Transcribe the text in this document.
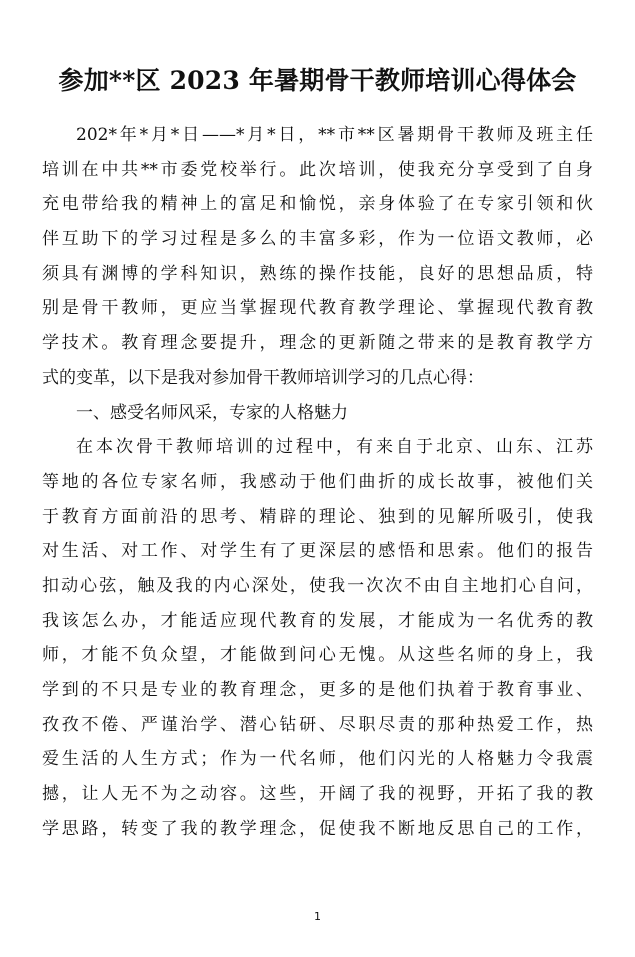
参加**区 2023 年暑期骨干教师培训心得体会
202*年*月*日——*月*日，**市**区暑期骨干教师及班主任
培训在中共**市委党校举行。此次培训，使我充分享受到了自身
充电带给我的精神上的富足和愉悦，亲身体验了在专家引领和伙
伴互助下的学习过程是多么的丰富多彩，作为一位语文教师，必
须具有渊博的学科知识，熟练的操作技能，良好的思想品质，特
别是骨干教师，更应当掌握现代教育教学理论、掌握现代教育教
学技术。教育理念要提升，理念的更新随之带来的是教育教学方
式的变革，以下是我对参加骨干教师培训学习的几点心得：
一、感受名师风采，专家的人格魅力
在本次骨干教师培训的过程中，有来自于北京、山东、江苏
等地的各位专家名师，我感动于他们曲折的成长故事，被他们关
于教育方面前沿的思考、精辟的理论、独到的见解所吸引，使我
对生活、对工作、对学生有了更深层的感悟和思索。他们的报告
扣动心弦，触及我的内心深处，使我一次次不由自主地扪心自问，
我该怎么办，才能适应现代教育的发展，才能成为一名优秀的教
师，才能不负众望，才能做到问心无愧。从这些名师的身上，我
学到的不只是专业的教育理念，更多的是他们执着于教育事业、
孜孜不倦、严谨治学、潜心钻研、尽职尽责的那种热爱工作，热
爱生活的人生方式；作为一代名师，他们闪光的人格魅力令我震
撼，让人无不为之动容。这些，开阔了我的视野，开拓了我的教
学思路，转变了我的教学理念，促使我不断地反思自己的工作，
1
